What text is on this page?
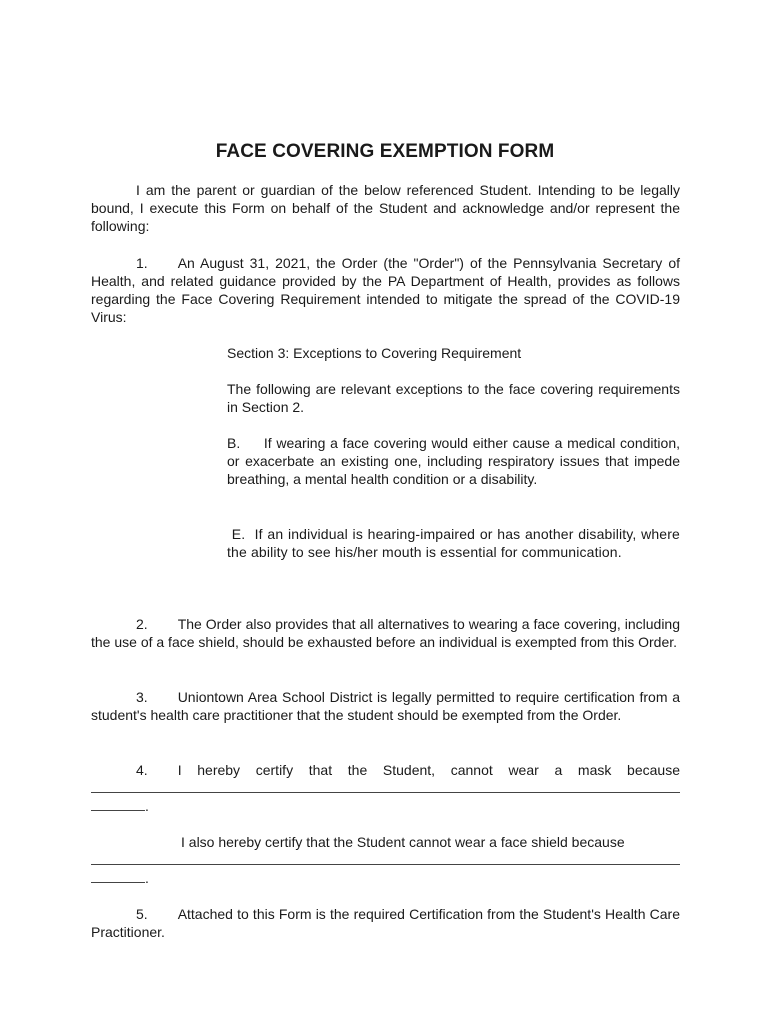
FACE COVERING EXEMPTION FORM
I am the parent or guardian of the below referenced Student. Intending to be legally bound, I execute this Form on behalf of the Student and acknowledge and/or represent the following:
1. An August 31, 2021, the Order (the "Order") of the Pennsylvania Secretary of Health, and related guidance provided by the PA Department of Health, provides as follows regarding the Face Covering Requirement intended to mitigate the spread of the COVID-19 Virus:
Section 3: Exceptions to Covering Requirement
The following are relevant exceptions to the face covering requirements in Section 2.
B.     If wearing a face covering would either cause a medical condition, or exacerbate an existing one, including respiratory issues that impede breathing, a mental health condition or a disability.
E.  If an individual is hearing-impaired or has another disability, where the ability to see his/her mouth is essential for communication.
2. The Order also provides that all alternatives to wearing a face covering, including the use of a face shield, should be exhausted before an individual is exempted from this Order.
3. Uniontown Area School District is legally permitted to require certification from a student's health care practitioner that the student should be exempted from the Order.
4. I hereby certify that the Student, cannot wear a mask because
.
I also hereby certify that the Student cannot wear a face shield because
.
5. Attached to this Form is the required Certification from the Student's Health Care Practitioner.
